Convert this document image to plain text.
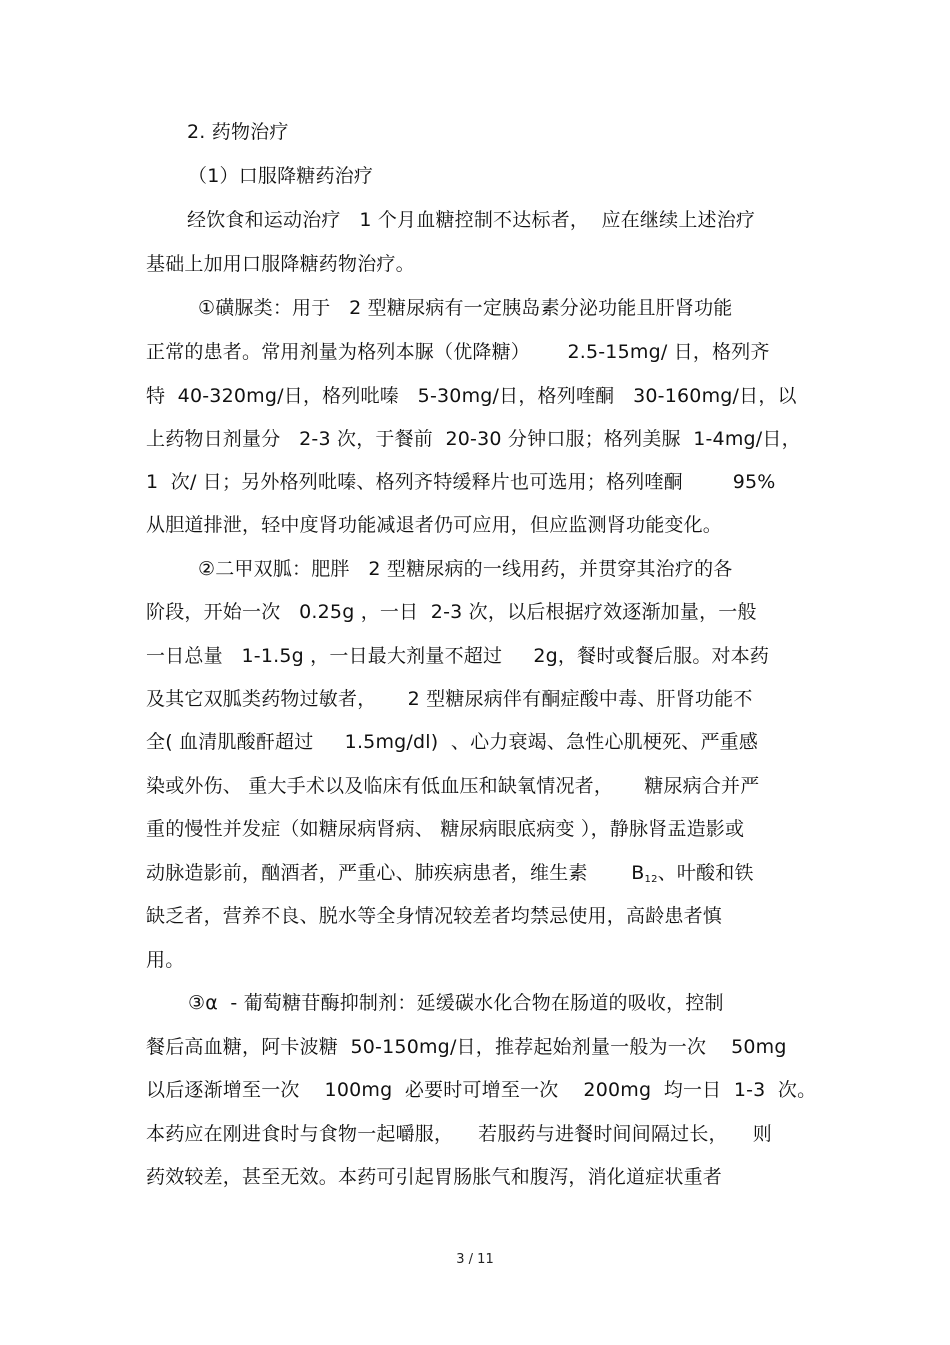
2. 药物治疗
（1）口服降糖药治疗
经饮食和运动治疗   1 个月血糖控制不达标者，  应在继续上述治疗
基础上加用口服降糖药物治疗。
①磺脲类：用于   2 型糖尿病有一定胰岛素分泌功能且肝肾功能
正常的患者。常用剂量为格列本脲（优降糖）      2.5-15mg/ 日，格列齐
特  40-320mg/日，格列吡嗪   5-30mg/日，格列喹酮   30-160mg/日，以
上药物日剂量分   2-3 次，于餐前  20-30 分钟口服；格列美脲  1-4mg/日，
1  次/ 日；另外格列吡嗪、格列齐特缓释片也可选用；格列喹酮        95%
从胆道排泄，轻中度肾功能减退者仍可应用，但应监测肾功能变化。
②二甲双胍：肥胖   2 型糖尿病的一线用药，并贯穿其治疗的各
阶段，开始一次   0.25g ，一日  2-3 次，以后根据疗效逐渐加量，一般
一日总量   1-1.5g ，一日最大剂量不超过     2g，餐时或餐后服。对本药
及其它双胍类药物过敏者，     2 型糖尿病伴有酮症酸中毒、肝肾功能不
全( 血清肌酸酐超过     1.5mg/dl)  、心力衰竭、急性心肌梗死、严重感
染或外伤、 重大手术以及临床有低血压和缺氧情况者，     糖尿病合并严
重的慢性并发症（如糖尿病肾病、 糖尿病眼底病变 ），静脉肾盂造影或
动脉造影前，酗酒者，严重心、肺疾病患者，维生素       $B_{12}$、叶酸和铁
缺乏者，营养不良、脱水等全身情况较差者均禁忌使用，高龄患者慎
用。
③α  - 葡萄糖苷酶抑制剂：延缓碳水化合物在肠道的吸收，控制
餐后高血糖，阿卡波糖  50-150mg/日，推荐起始剂量一般为一次    50mg
以后逐渐增至一次    100mg  必要时可增至一次    200mg  均一日  1-3  次。
本药应在刚进食时与食物一起嚼服，    若服药与进餐时间间隔过长，    则
药效较差，甚至无效。本药可引起胃肠胀气和腹泻，消化道症状重者
3 / 11
